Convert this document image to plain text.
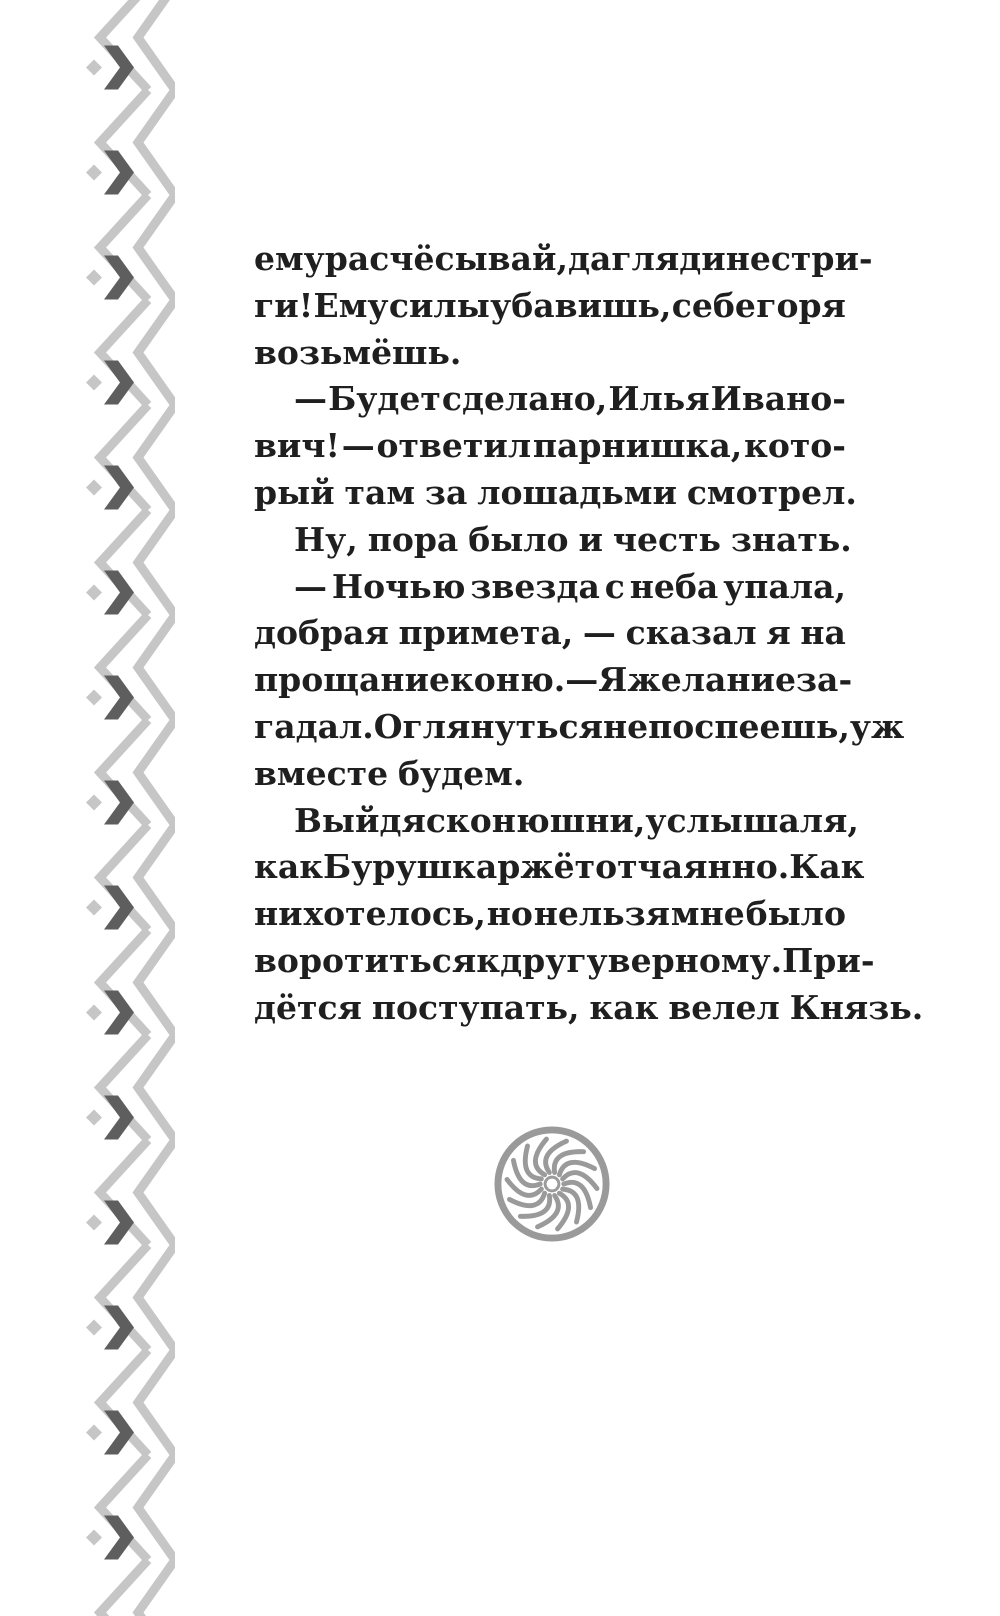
ему расчёсывай, да гляди не стри-
ги! Ему силы убавишь, себе горя
возьмёшь.
— Будет сделано, Илья Ивано-
вич! — ответил парнишка, кото-
рый там за лошадьми смотрел.
Ну, пора было и честь знать.
— Ночью звезда с неба упала,
добрая примета, — сказал я на
прощание коню. — Я желание за-
гадал. Оглянуться не поспеешь, уж
вместе будем.
Выйдя с конюшни, услышал я,
как Бурушка ржёт отчаянно. Как
ни хотелось, но нельзя мне было
воротиться к другу верному. При-
дётся поступать, как велел Князь.
